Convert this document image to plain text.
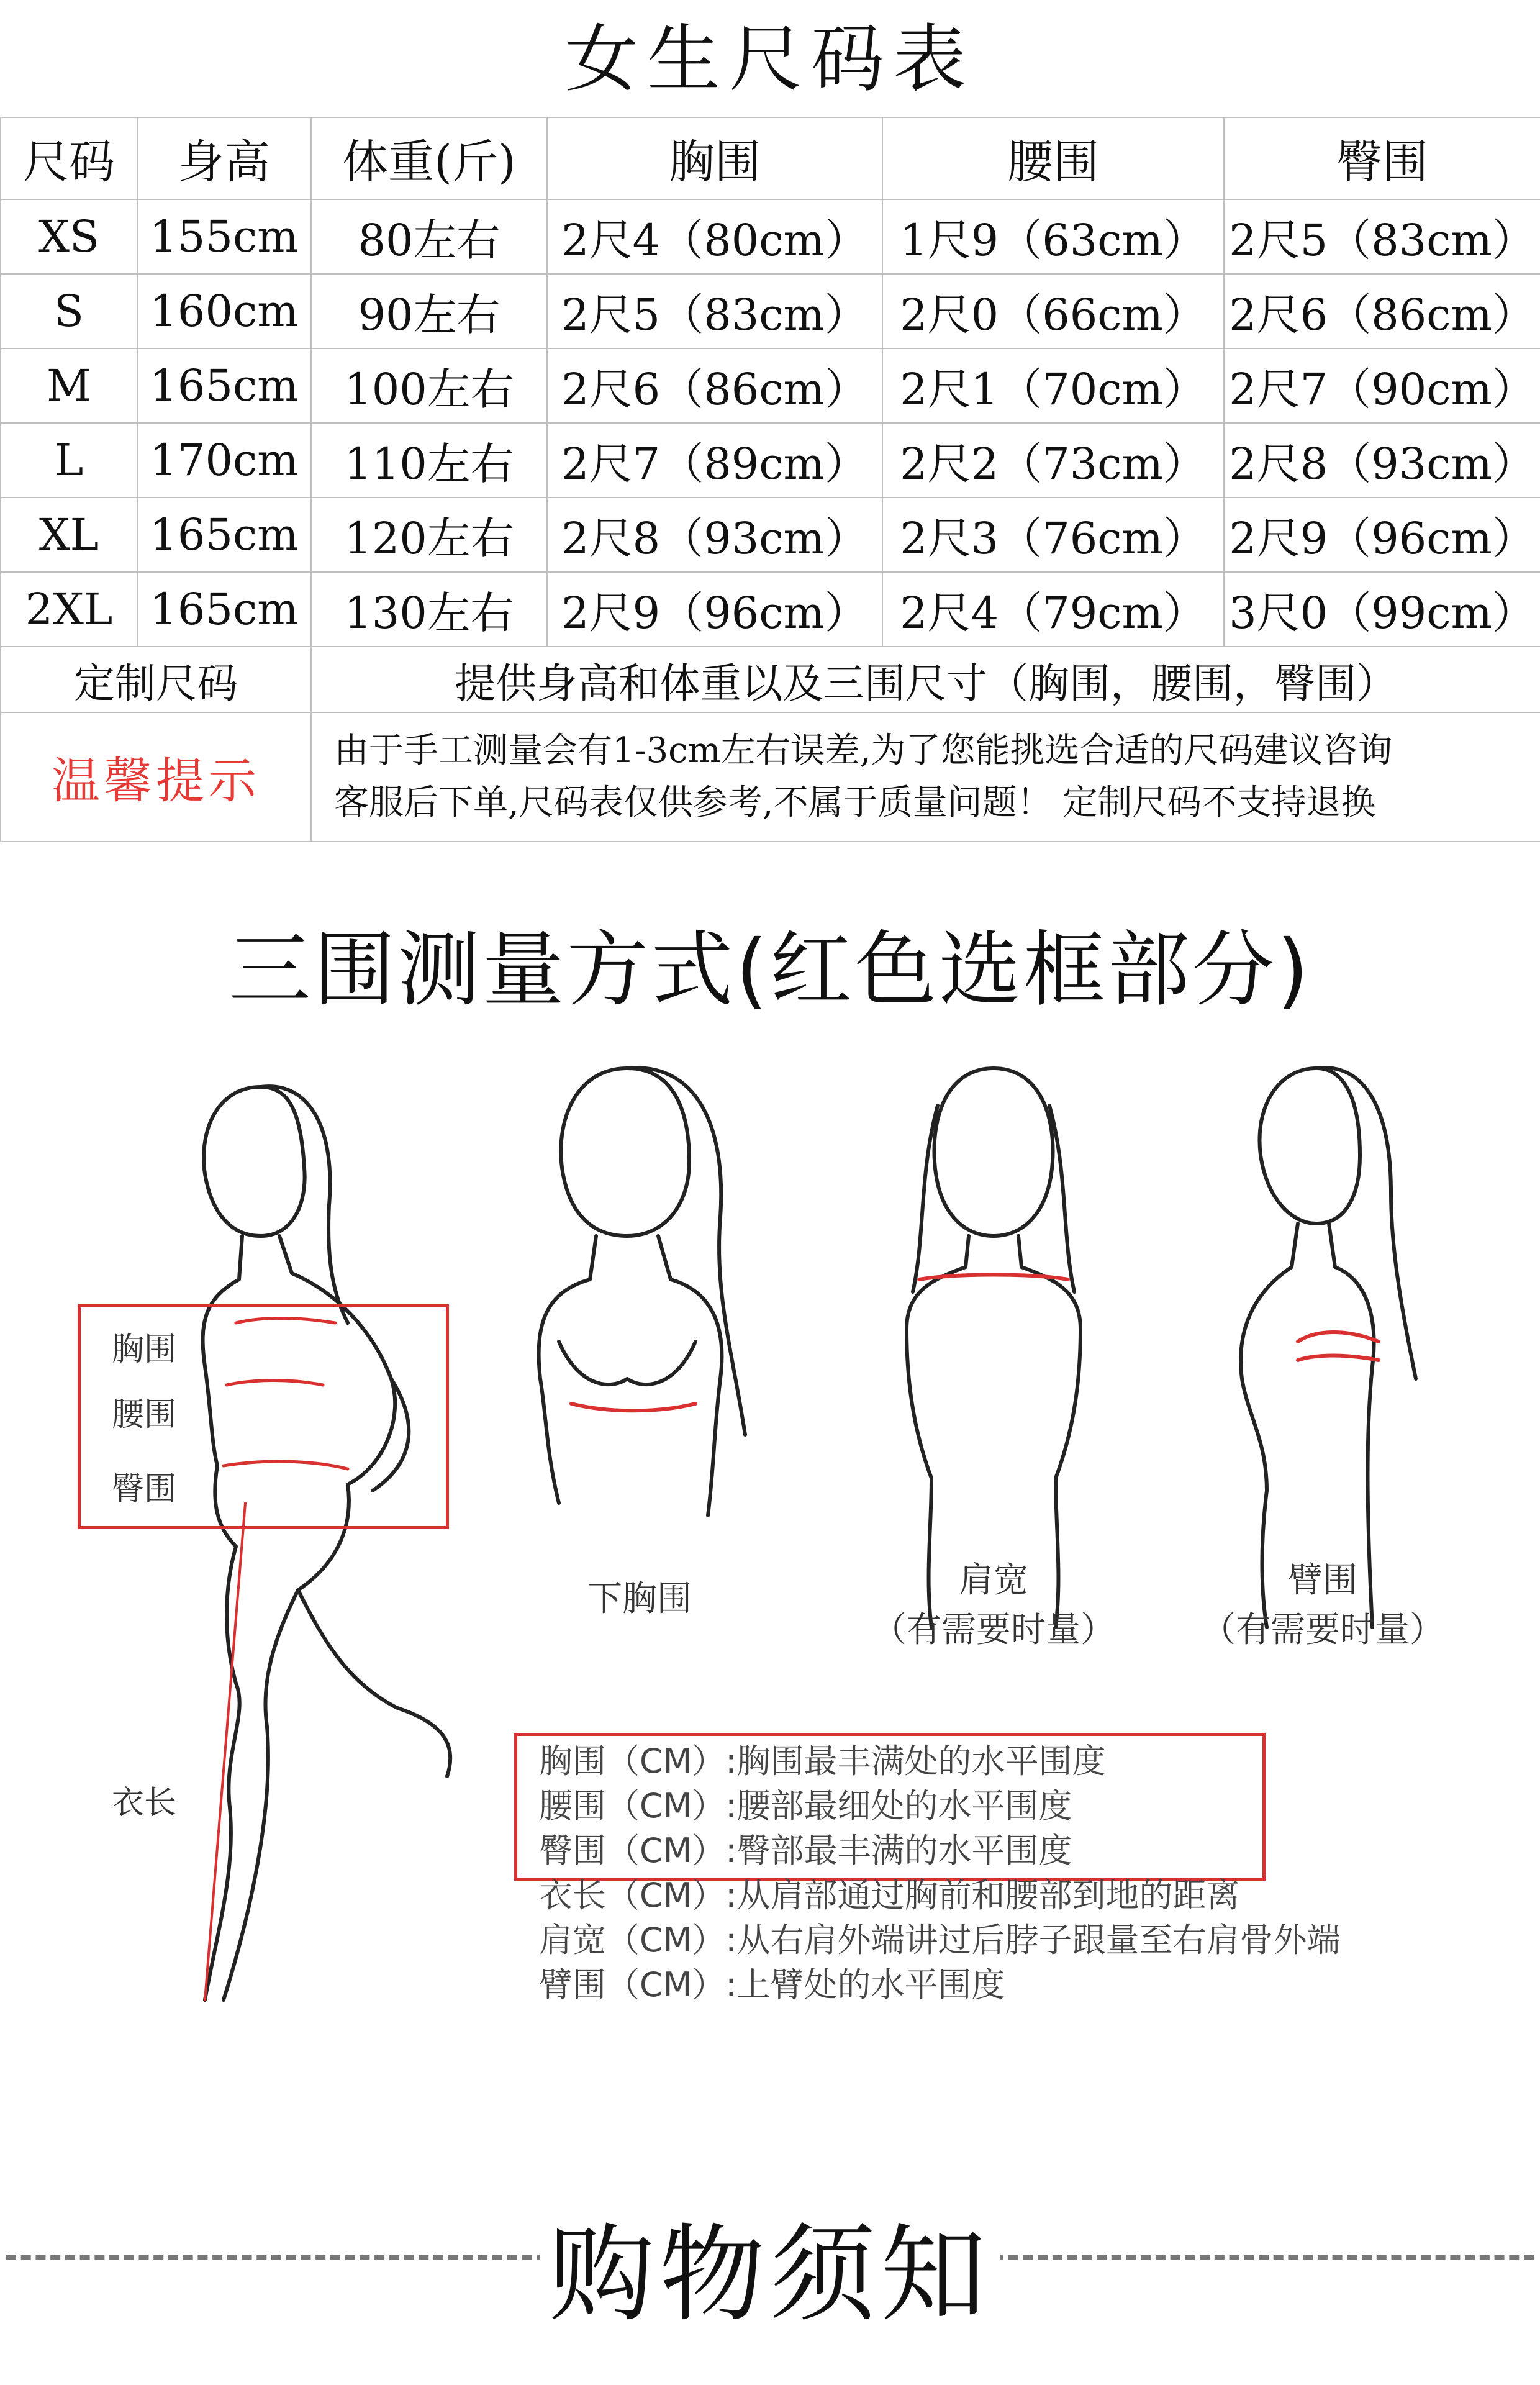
女生尺码表
尺码	身高	体重(斤)	胸围	腰围	臀围
XS	155cm	80左右	2尺4（80cm）	1尺9（63cm）	2尺5（83cm）
S	160cm	90左右	2尺5（83cm）	2尺0（66cm）	2尺6（86cm）
M	165cm	100左右	2尺6（86cm）	2尺1（70cm）	2尺7（90cm）
L	170cm	110左右	2尺7（89cm）	2尺2（73cm）	2尺8（93cm）
XL	165cm	120左右	2尺8（93cm）	2尺3（76cm）	2尺9（96cm）
2XL	165cm	130左右	2尺9（96cm）	2尺4（79cm）	3尺0（99cm）
定制尺码		提供身高和体重以及三围尺寸（胸围，腰围，臀围）			
温馨提示		由于手工测量会有1-3cm左右误差,为了您能挑选合适的尺码建议咨询
客服后下单,尺码表仅供参考,不属于质量问题！ 定制尺码不支持退换			
三围测量方式(红色选框部分)
胸围
腰围
臀围
衣长
下胸围	肩宽
（有需要时量）
臂围
（有需要时量）
胸围（CM）:胸围最丰满处的水平围度
腰围（CM）:腰部最细处的水平围度
臀围（CM）:臀部最丰满的水平围度
衣长（CM）:从肩部通过胸前和腰部到地的距离
肩宽（CM）:从右肩外端讲过后脖子跟量至右肩骨外端
臂围（CM）:上臂处的水平围度
购物须知
